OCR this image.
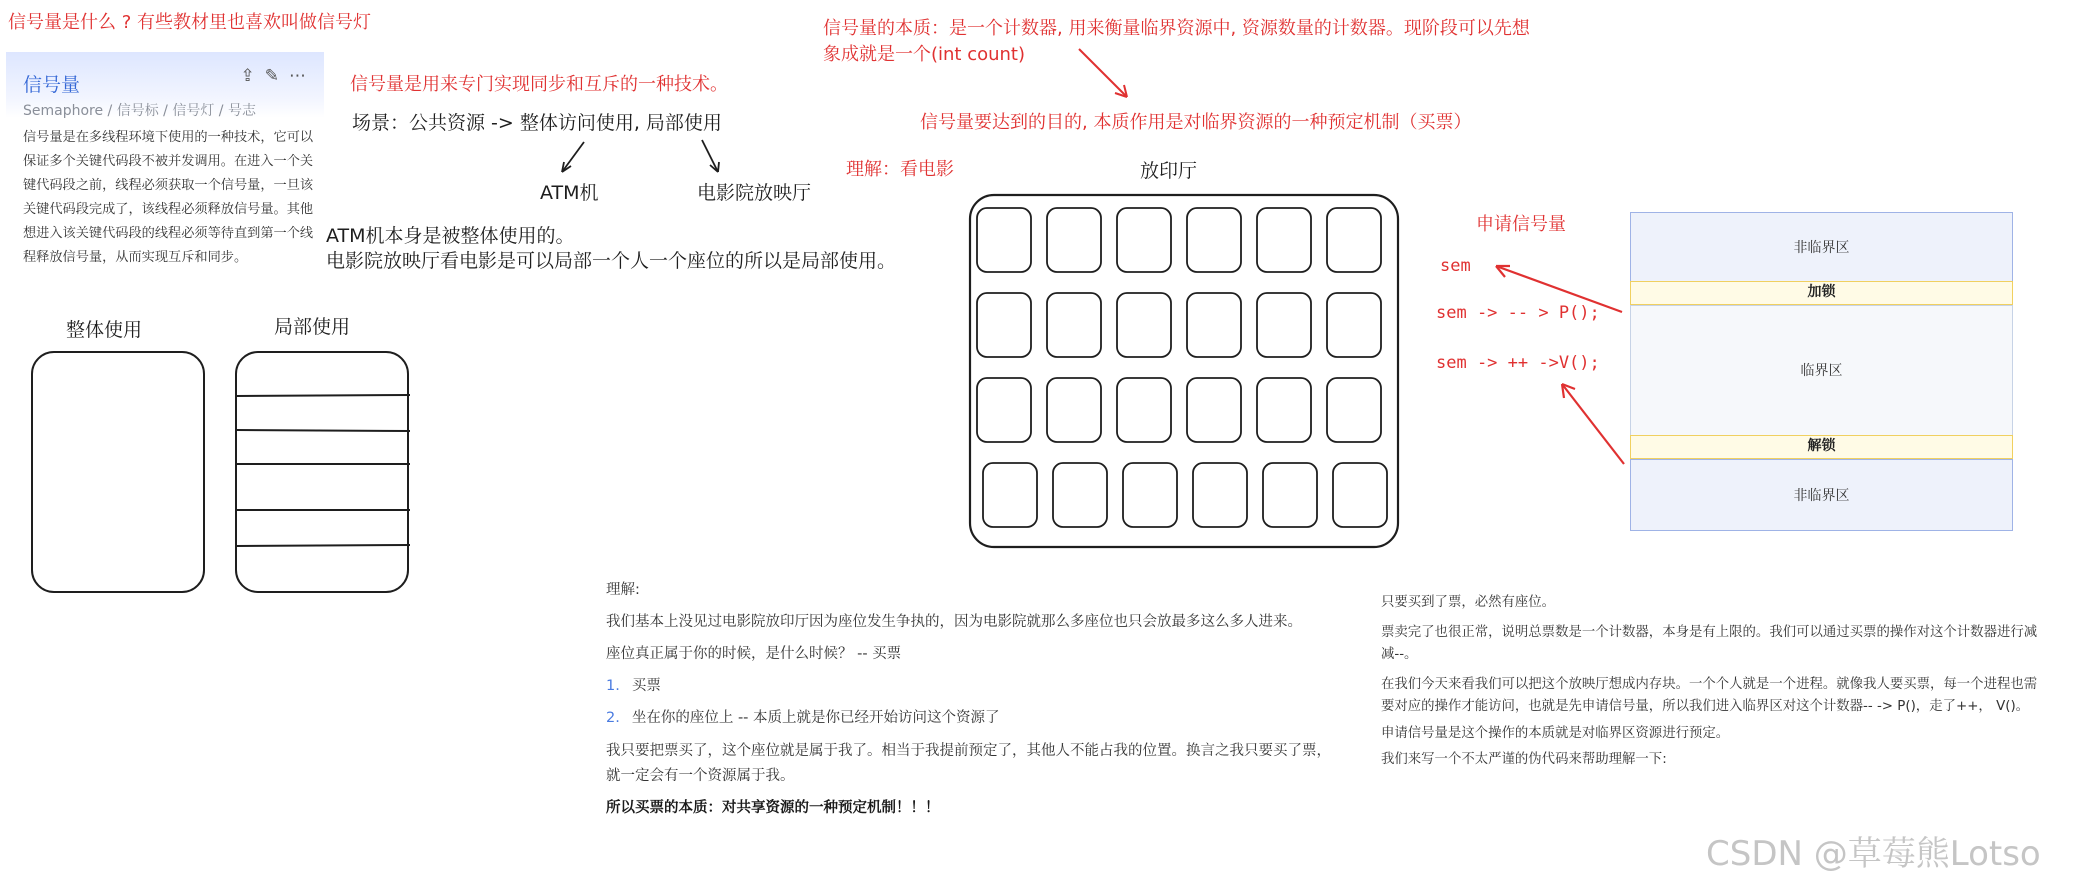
信号量是什么 ? 有些教材里也喜欢叫做信号灯
信号量	⇪✎⋯
Semaphore / 信号标 / 信号灯 / 号志
信号量是在多线程环境下使用的一种技术，它可以保证多个关键代码段不被并发调用。在进入一个关键代码段之前，线程必须获取一个信号量，一旦该关键代码段完成了，该线程必须释放信号量。其他想进入该关键代码段的线程必须等待直到第一个线程释放信号量，从而实现互斥和同步。
信号量是用来专门实现同步和互斥的一种技术。
场景：公共资源 -> 整体访问使用, 局部使用
ATM机	电影院放映厅
ATM机本身是被整体使用的。
电影院放映厅看电影是可以局部一个人一个座位的所以是局部使用。
整体使用	局部使用
信号量的本质：是一个计数器, 用来衡量临界资源中, 资源数量的计数器。现阶段可以先想
象成就是一个(int count)
信号量要达到的目的, 本质作用是对临界资源的一种预定机制（买票）
理解：看电影	放印厅
申请信号量
sem
sem -> -- > P();
sem -> ++ ->V();
非临界区
加锁
临界区
解锁
非临界区
理解:
我们基本上没见过电影院放印厅因为座位发生争执的，因为电影院就那么多座位也只会放最多这么多人进来。
座位真正属于你的时候，是什么时候？ -- 买票
1. 买票
2. 坐在你的座位上 -- 本质上就是你已经开始访问这个资源了
我只要把票买了，这个座位就是属于我了。相当于我提前预定了，其他人不能占我的位置。换言之我只要买了票，
就一定会有一个资源属于我。
所以买票的本质：对共享资源的一种预定机制！！！
只要买到了票，必然有座位。
票卖完了也很正常，说明总票数是一个计数器，本身是有上限的。我们可以通过买票的操作对这个计数器进行减
减--。
在我们今天来看我们可以把这个放映厅想成内存块。一个个人就是一个进程。就像我人要买票，每一个进程也需
要对应的操作才能访问，也就是先申请信号量，所以我们进入临界区对这个计数器-- -> P()，走了++， V()。
申请信号量是这个操作的本质就是对临界区资源进行预定。
我们来写一个不太严谨的伪代码来帮助理解一下:
CSDN @草莓熊Lotso
